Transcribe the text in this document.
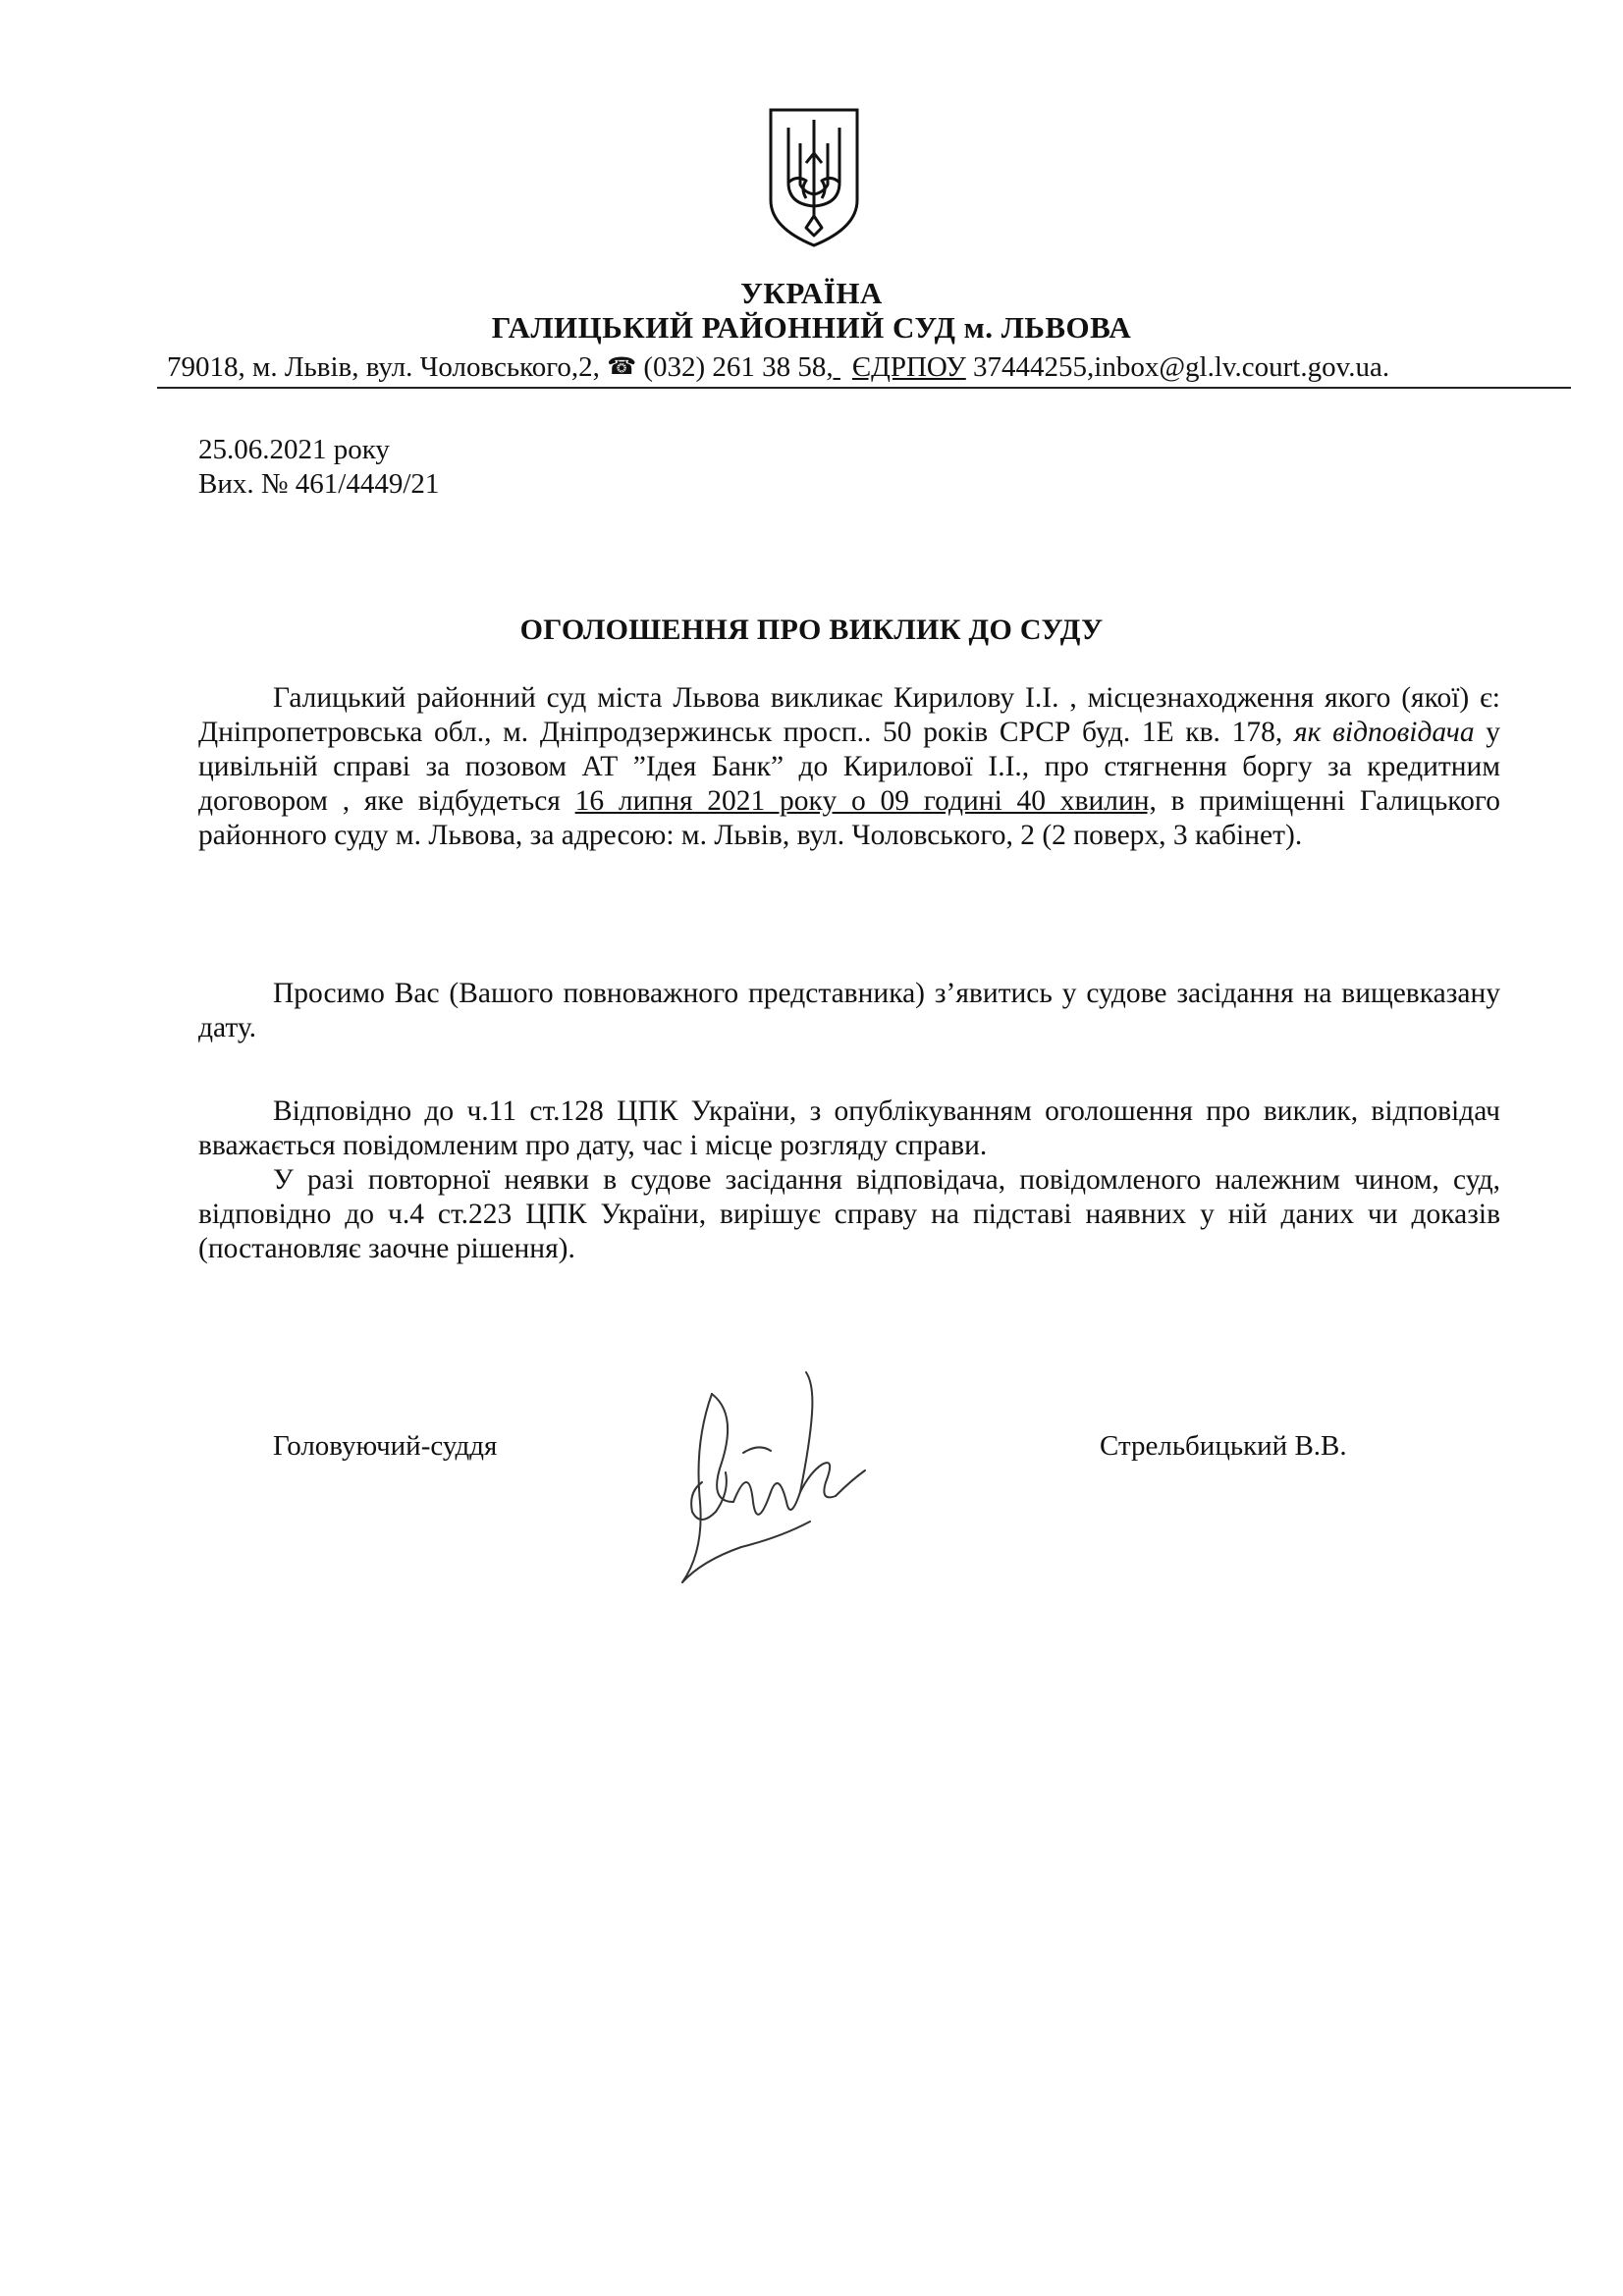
УКРАЇНА
ГАЛИЦЬКИЙ РАЙОННИЙ СУД м. ЛЬВОВА
79018, м. Львів, вул. Чоловського,2, ☎ (032) 261 38 58, ЄДРПОУ 37444255,inbox@gl.lv.court.gov.ua.
25.06.2021 року
Вих. № 461/4449/21
ОГОЛОШЕННЯ ПРО ВИКЛИК ДО СУДУ
Галицький районний суд міста Львова викликає Кирилову І.І. , місцезнаходження якого (якої) є: Дніпропетровська обл., м. Дніпродзержинськ просп.. 50 років СРСР буд. 1Е кв. 178, як відповідача у цивільній справі за позовом АТ ”Ідея Банк” до Кирилової І.І., про стягнення боргу за кредитним договором , яке відбудеться 16 липня 2021 року о 09 годині 40 хвилин, в приміщенні Галицького районного суду м. Львова, за адресою: м. Львів, вул. Чоловського, 2 (2 поверх, 3 кабінет).
Просимо Вас (Вашого повноважного представника) з’явитись у судове засідання на вищевказану дату.
Відповідно до ч.11 ст.128 ЦПК України, з опублікуванням оголошення про виклик, відповідач вважається повідомленим про дату, час і місце розгляду справи.
У разі повторної неявки в судове засідання відповідача, повідомленого належним чином, суд, відповідно до ч.4 ст.223 ЦПК України, вирішує справу на підставі наявних у ній даних чи доказів (постановляє заочне рішення).
Головуючий-суддя	Стрельбицький В.В.
